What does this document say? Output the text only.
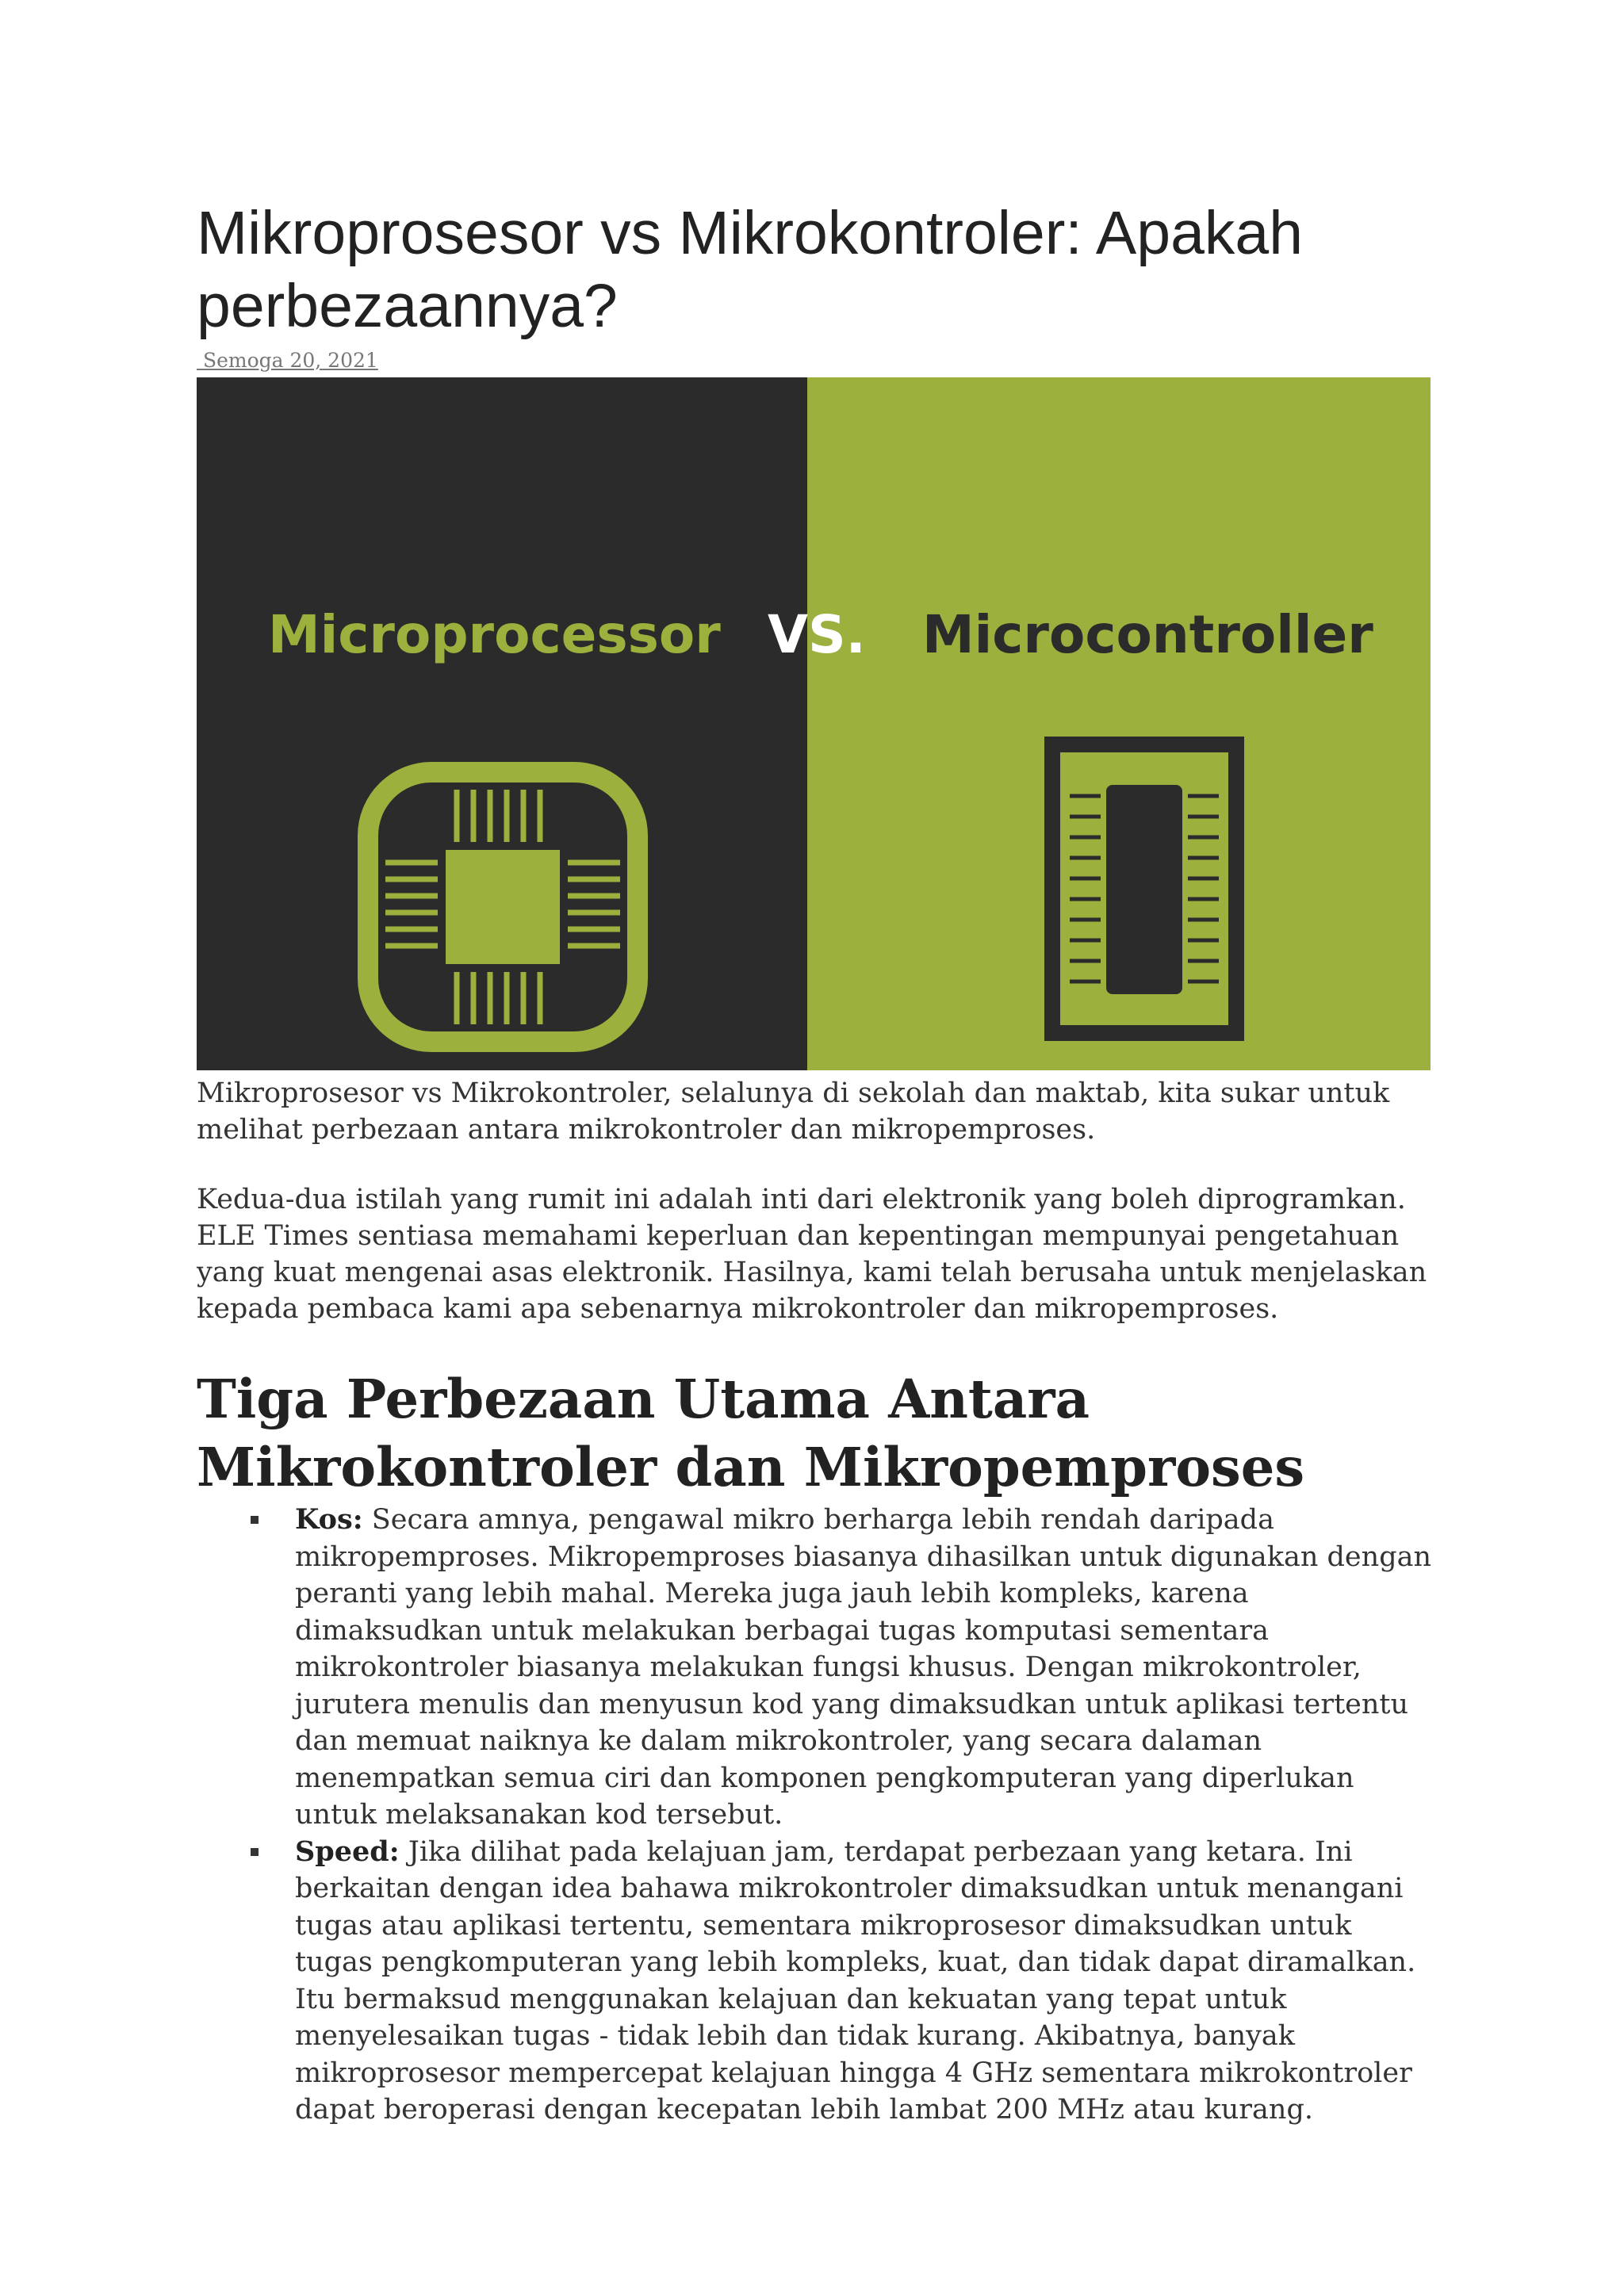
Mikroprosesor vs Mikrokontroler: Apakah perbezaannya?
Semoga 20, 2021
Microprocessor VS. Microcontroller

Mikroprosesor vs Mikrokontroler, selalunya di sekolah dan maktab, kita sukar untuk melihat perbezaan antara mikrokontroler dan mikropemproses.

Kedua-dua istilah yang rumit ini adalah inti dari elektronik yang boleh diprogramkan. ELE Times sentiasa memahami keperluan dan kepentingan mempunyai pengetahuan yang kuat mengenai asas elektronik. Hasilnya, kami telah berusaha untuk menjelaskan kepada pembaca kami apa sebenarnya mikrokontroler dan mikropemproses.

Tiga Perbezaan Utama Antara Mikrokontroler dan Mikropemproses
Kos: Secara amnya, pengawal mikro berharga lebih rendah daripada mikropemproses. Mikropemproses biasanya dihasilkan untuk digunakan dengan peranti yang lebih mahal. Mereka juga jauh lebih kompleks, karena dimaksudkan untuk melakukan berbagai tugas komputasi sementara mikrokontroler biasanya melakukan fungsi khusus. Dengan mikrokontroler, jurutera menulis dan menyusun kod yang dimaksudkan untuk aplikasi tertentu dan memuat naiknya ke dalam mikrokontroler, yang secara dalaman menempatkan semua ciri dan komponen pengkomputeran yang diperlukan untuk melaksanakan kod tersebut.
Speed: Jika dilihat pada kelajuan jam, terdapat perbezaan yang ketara. Ini berkaitan dengan idea bahawa mikrokontroler dimaksudkan untuk menangani tugas atau aplikasi tertentu, sementara mikroprosesor dimaksudkan untuk tugas pengkomputeran yang lebih kompleks, kuat, dan tidak dapat diramalkan. Itu bermaksud menggunakan kelajuan dan kekuatan yang tepat untuk menyelesaikan tugas - tidak lebih dan tidak kurang. Akibatnya, banyak mikroprosesor mempercepat kelajuan hingga 4 GHz sementara mikrokontroler dapat beroperasi dengan kecepatan lebih lambat 200 MHz atau kurang.
